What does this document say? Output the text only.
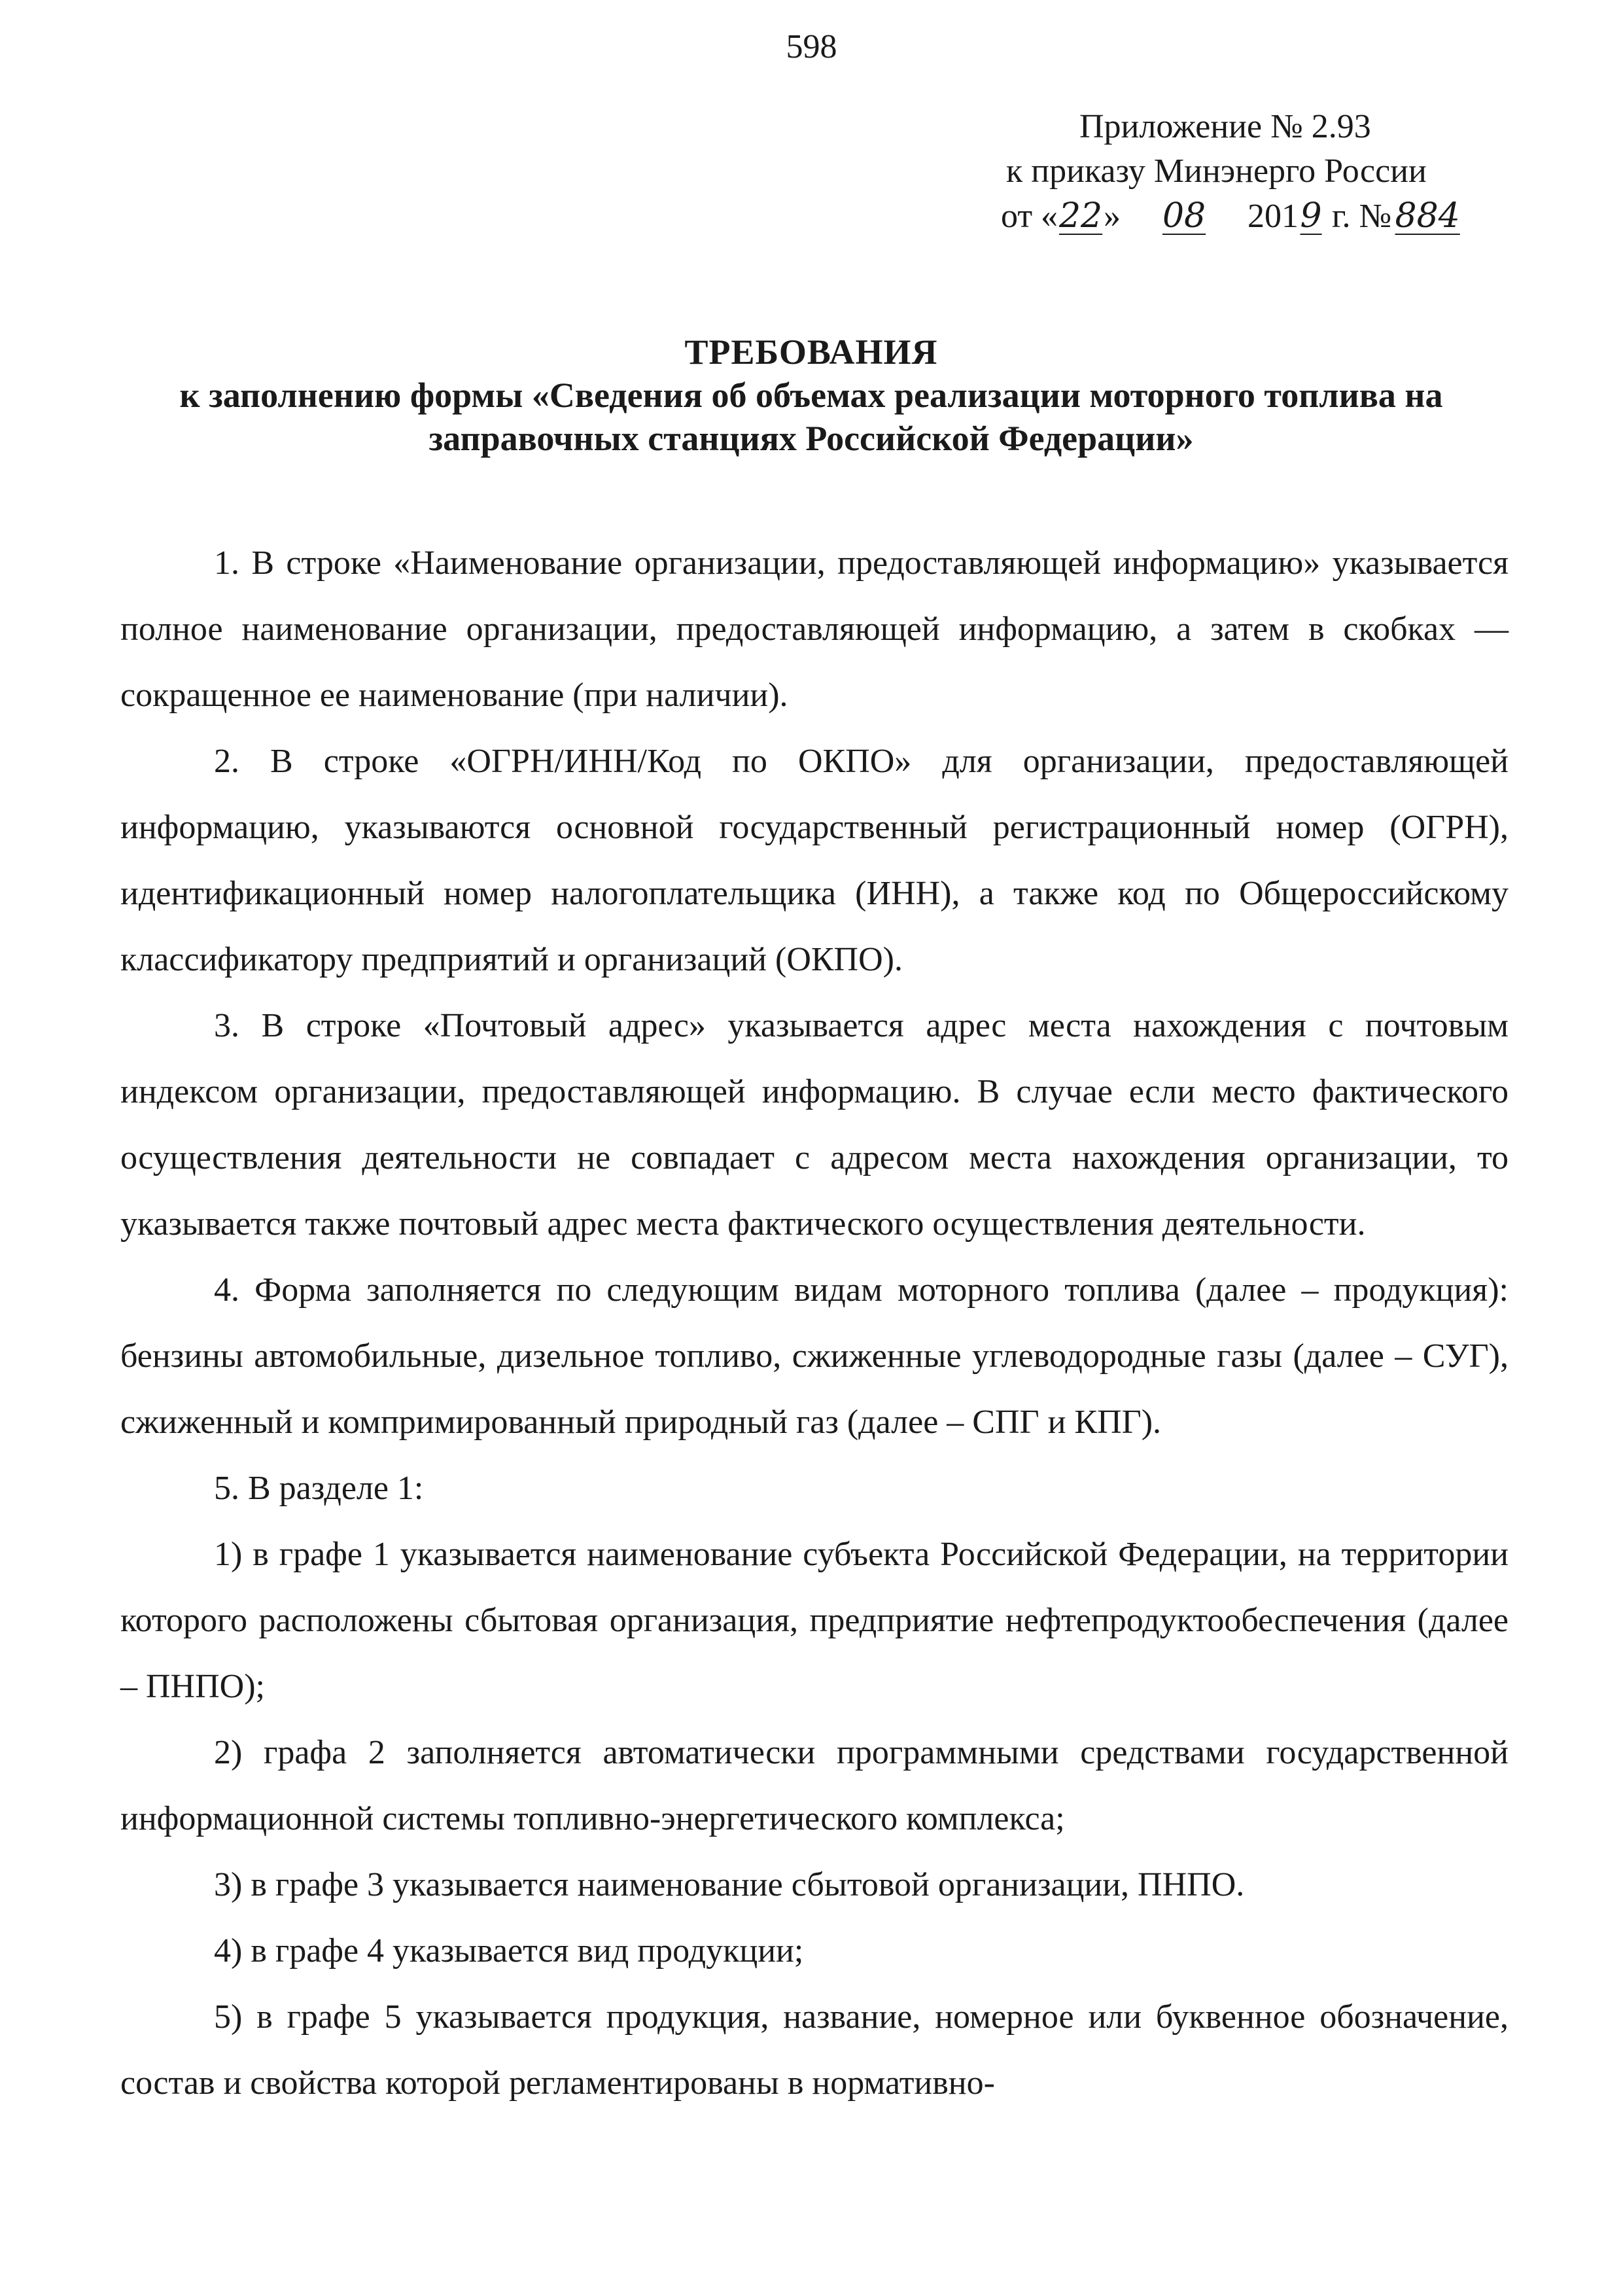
598
Приложение № 2.93
к приказу Минэнерго России
от «22» 08 2019 г. № 884
ТРЕБОВАНИЯ
к заполнению формы «Сведения об объемах реализации моторного топлива на
заправочных станциях Российской Федерации»

1. В строке «Наименование организации, предоставляющей информацию» указывается полное наименование организации, предоставляющей информацию, а затем в скобках — сокращенное ее наименование (при наличии).

2. В строке «ОГРН/ИНН/Код по ОКПО» для организации, предоставляющей информацию, указываются основной государственный регистрационный номер (ОГРН), идентификационный номер налогоплательщика (ИНН), а также код по Общероссийскому классификатору предприятий и организаций (ОКПО).

3. В строке «Почтовый адрес» указывается адрес места нахождения с почтовым индексом организации, предоставляющей информацию. В случае если место фактического осуществления деятельности не совпадает с адресом места нахождения организации, то указывается также почтовый адрес места фактического осуществления деятельности.

4. Форма заполняется по следующим видам моторного топлива (далее – продукция): бензины автомобильные, дизельное топливо, сжиженные углеводородные газы (далее – СУГ), сжиженный и компримированный природный газ (далее – СПГ и КПГ).

5. В разделе 1:

1) в графе 1 указывается наименование субъекта Российской Федерации, на территории которого расположены сбытовая организация, предприятие нефтепродуктообеспечения (далее – ПНПО);

2) графа 2 заполняется автоматически программными средствами государственной информационной системы топливно-энергетического комплекса;

3) в графе 3 указывается наименование сбытовой организации, ПНПО.

4) в графе 4 указывается вид продукции;

5) в графе 5 указывается продукция, название, номерное или буквенное обозначение, состав и свойства которой регламентированы в нормативно-
